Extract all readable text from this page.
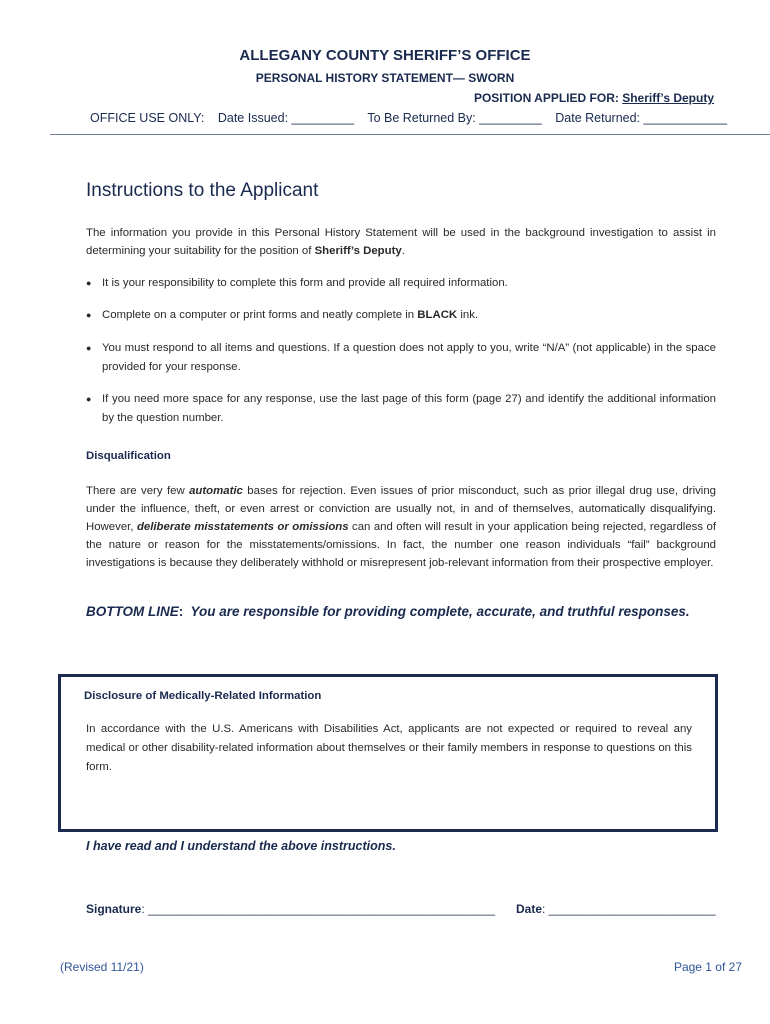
ALLEGANY COUNTY SHERIFF’S OFFICE
PERSONAL HISTORY STATEMENT— SWORN
POSITION APPLIED FOR: Sheriff’s Deputy
OFFICE USE ONLY: Date Issued: _________ To Be Returned By: _________ Date Returned: ____________
Instructions to the Applicant
The information you provide in this Personal History Statement will be used in the background investigation to assist in determining your suitability for the position of Sheriff’s Deputy.
● It is your responsibility to complete this form and provide all required information.
● Complete on a computer or print forms and neatly complete in BLACK ink.
● You must respond to all items and questions. If a question does not apply to you, write “N/A” (not applicable) in the space provided for your response.
● If you need more space for any response, use the last page of this form (page 27) and identify the additional information by the question number.
Disqualification
There are very few automatic bases for rejection. Even issues of prior misconduct, such as prior illegal drug use, driving under the influence, theft, or even arrest or conviction are usually not, in and of themselves, automatically disqualifying. However, deliberate misstatements or omissions can and often will result in your application being rejected, regardless of the nature or reason for the misstatements/omissions. In fact, the number one reason individuals “fail” background investigations is because they deliberately withhold or misrepresent job-relevant information from their prospective employer.
BOTTOM LINE:  You are responsible for providing complete, accurate, and truthful responses.
Disclosure of Medically-Related Information
In accordance with the U.S. Americans with Disabilities Act, applicants are not expected or required to reveal any medical or other disability-related information about themselves or their family members in response to questions on this form.
I have read and I understand the above instructions.
Signature: ____________________________________________________ Date: _________________________
(Revised 11/21)	Page 1 of 27
